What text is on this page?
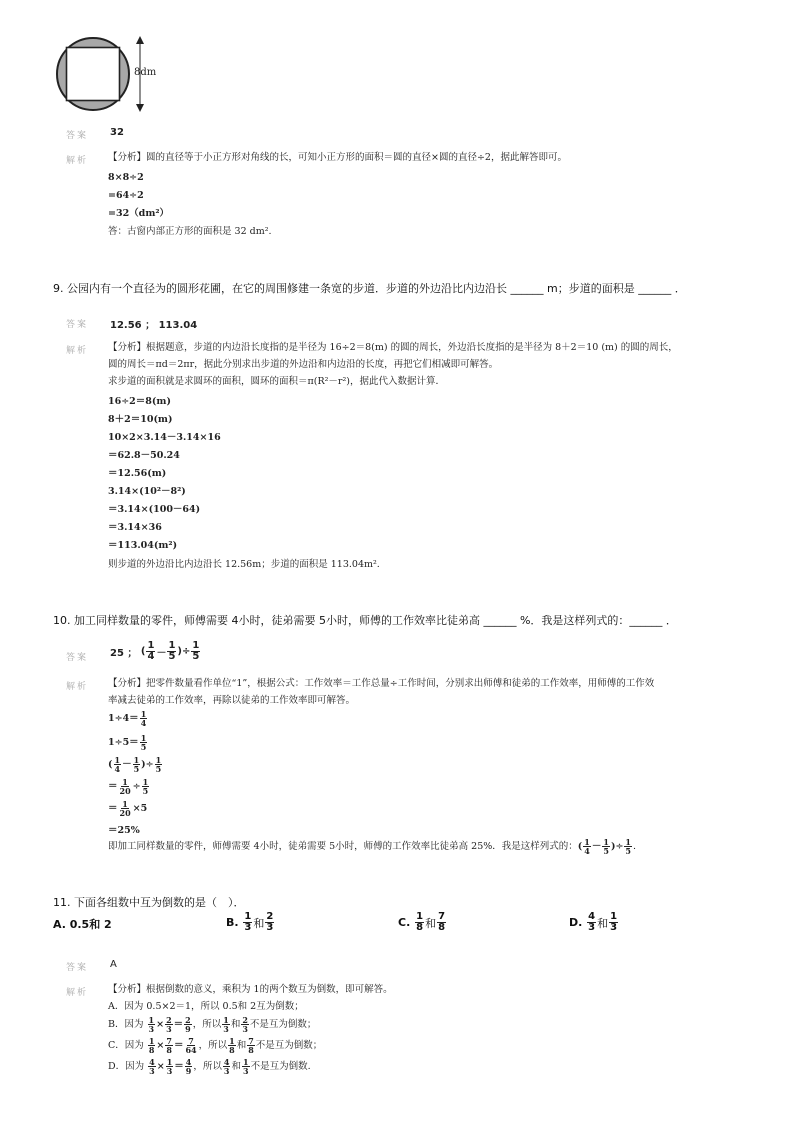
8dm
答案 32
解析 【分析】圆的直径等于小正方形对角线的长，可知小正方形的面积＝圆的直径×圆的直径÷2，据此解答即可。
8×8÷2
=64÷2
=32（dm²）
答：古窗内部正方形的面积是 32 dm².
9. 公园内有一个直径为的圆形花圃，在它的周围修建一条宽的步道．步道的外边沿比内边沿长 ______ m；步道的面积是 ______ ．
答案 12.56 ； 113.04
解析 【分析】根据题意，步道的内边沿长度指的是半径为 16÷2＝8(m) 的圆的周长，外边沿长度指的是半径为 8＋2＝10 (m) 的圆的周长，
圆的周长＝πd＝2πr，据此分别求出步道的外边沿和内边沿的长度，再把它们相减即可解答。
求步道的面积就是求圆环的面积，圆环的面积＝π(R²－r²)，据此代入数据计算．
16÷2＝8(m)
8＋2＝10(m)
10×2×3.14－3.14×16
＝62.8－50.24
＝12.56(m)
3.14×(10²－8²)
＝3.14×(100－64)
＝3.14×36
＝113.04(m²)
则步道的外边沿比内边沿长 12.56m；步道的面积是 113.04m².
10. 加工同样数量的零件，师傅需要 4小时，徒弟需要 5小时，师傅的工作效率比徒弟高 ______ %．我是这样列式的：______ ．
答案 25 ；
( $\frac{1}{4} - \frac{1}{5}$ ) ÷ $\frac{1}{5}$
解析 【分析】把零件数量看作单位“1”，根据公式：工作效率＝工作总量÷工作时间，分别求出师傅和徒弟的工作效率，用师傅的工作效
率减去徒弟的工作效率，再除以徒弟的工作效率即可解答。
$1\div 4= \frac{1}{4}$
$1\div 5= \frac{1}{5}$
( $\frac{1}{4} - \frac{1}{5}$ ) ÷ $\frac{1}{5}$
＝ $\frac{1}{20} \div \frac{1}{5}$
＝ $\frac{1}{20} \times 5$
＝25%
即加工同样数量的零件，师傅需要 4小时，徒弟需要 5小时，师傅的工作效率比徒弟高 25%．我是这样列式的： ( $\frac{1}{4} - \frac{1}{5}$ ) ÷ $\frac{1}{5}$ .
11. 下面各组数中互为倒数的是（　）．
A. 0.5和 2	B.
$\frac{1}{3}$ 和 $\frac{2}{3}$	C.
$\frac{1}{8}$ 和 $\frac{7}{8}$	D.
$\frac{4}{3}$ 和 $\frac{1}{3}$
答案 A
解析 【分析】根据倒数的意义，乘积为 1的两个数互为倒数，即可解答。
A．因为 0.5×2＝1，所以 0.5和 2互为倒数；
B．因为
$\frac{1}{3} \times \frac{2}{3} = \frac{2}{9}$ ，所以 $\frac{1}{3}$ 和 $\frac{2}{3}$ 不是互为倒数；
C．因为
$\frac{1}{8} \times \frac{7}{8} = \frac{7}{64}$ ，所以 $\frac{1}{8}$ 和 $\frac{7}{8}$ 不是互为倒数；
D．因为
$\frac{4}{3} \times \frac{1}{3} = \frac{4}{9}$ ，所以 $\frac{4}{3}$ 和 $\frac{1}{3}$ 不是互为倒数.
